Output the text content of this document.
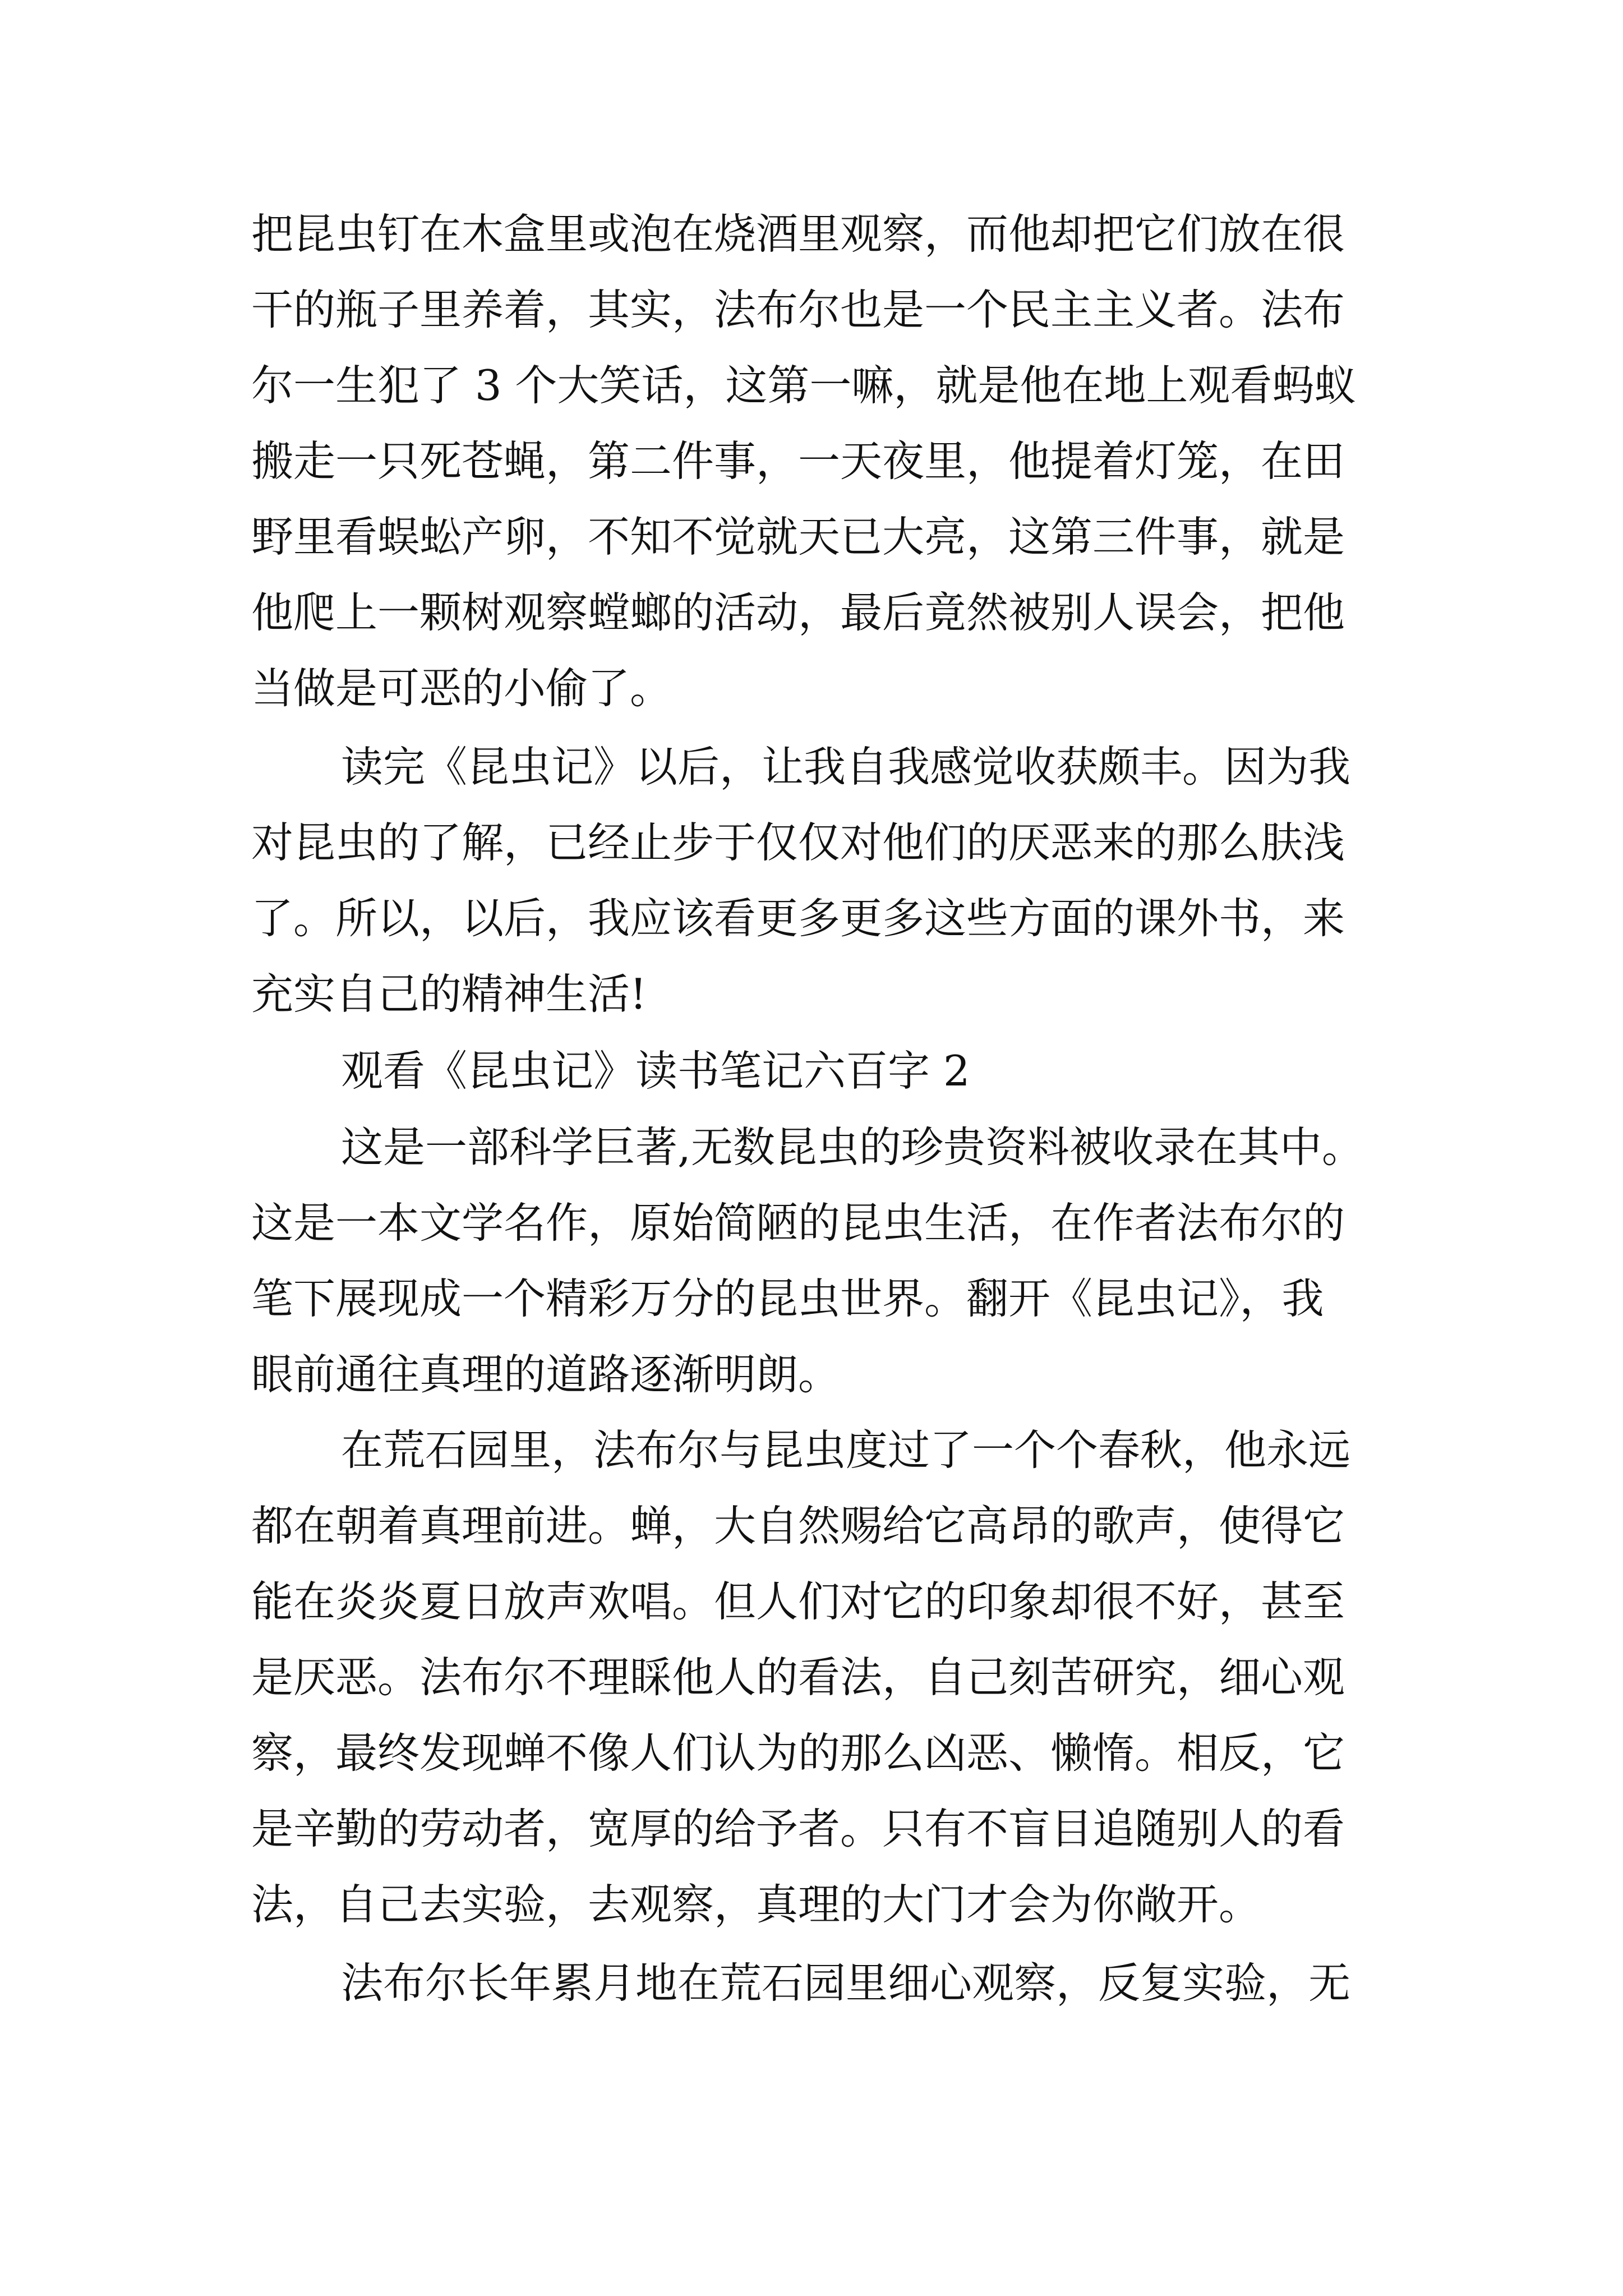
把昆虫钉在木盒里或泡在烧酒里观察，而他却把它们放在很

干的瓶子里养着，其实，法布尔也是一个民主主义者。法布

尔一生犯了 3 个大笑话，这第一嘛，就是他在地上观看蚂蚁

搬走一只死苍蝇，第二件事，一天夜里，他提着灯笼，在田

野里看蜈蚣产卵，不知不觉就天已大亮，这第三件事，就是

他爬上一颗树观察螳螂的活动，最后竟然被别人误会，把他

当做是可恶的小偷了。

读完《昆虫记》以后，让我自我感觉收获颇丰。因为我

对昆虫的了解，已经止步于仅仅对他们的厌恶来的那么肤浅

了。所以，以后，我应该看更多更多这些方面的课外书，来

充实自己的精神生活!

观看《昆虫记》读书笔记六百字 2

这是一部科学巨著,无数昆虫的珍贵资料被收录在其中。

这是一本文学名作，原始简陋的昆虫生活，在作者法布尔的

笔下展现成一个精彩万分的昆虫世界。翻开《昆虫记》，我

眼前通往真理的道路逐渐明朗。

在荒石园里，法布尔与昆虫度过了一个个春秋，他永远

都在朝着真理前进。蝉，大自然赐给它高昂的歌声，使得它

能在炎炎夏日放声欢唱。但人们对它的印象却很不好，甚至

是厌恶。法布尔不理睬他人的看法，自己刻苦研究，细心观

察，最终发现蝉不像人们认为的那么凶恶、懒惰。相反，它

是辛勤的劳动者，宽厚的给予者。只有不盲目追随别人的看

法，自己去实验，去观察，真理的大门才会为你敞开。

法布尔长年累月地在荒石园里细心观察，反复实验，无
